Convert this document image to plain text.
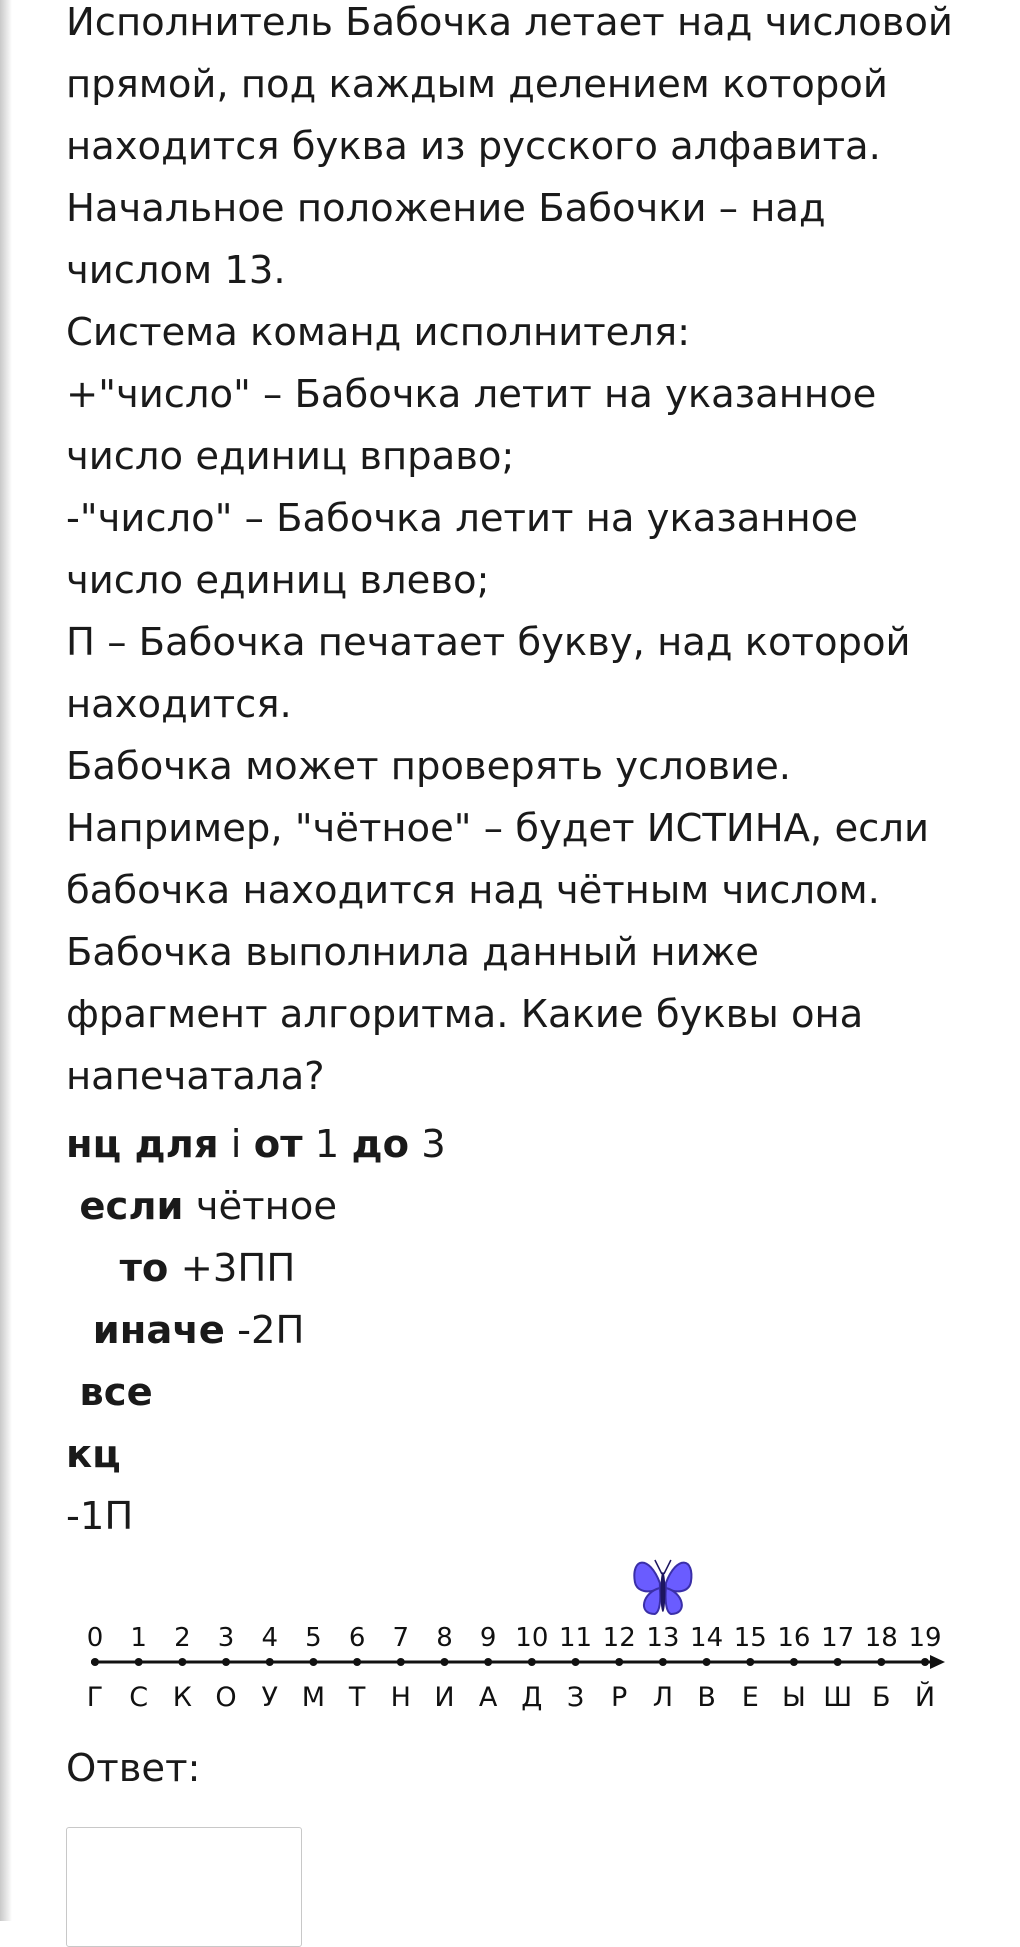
Исполнитель Бабочка летает над числовой
прямой, под каждым делением которой
находится буква из русского алфавита.
Начальное положение Бабочки – над
числом 13.
Система команд исполнителя:
+"число" – Бабочка летит на указанное
число единиц вправо;
-"число" – Бабочка летит на указанное
число единиц влево;
П – Бабочка печатает букву, над которой
находится.
Бабочка может проверять условие.
Например, "чётное" – будет ИСТИНА, если
бабочка находится над чётным числом.
Бабочка выполнила данный ниже
фрагмент алгоритма. Какие буквы она
напечатала?
нц для i от 1 до 3
если чётное
то +3ПП
иначе -2П
все
кц
-1П
0
Г
1
С
2
К
3
О
4
У
5
М
6
Т
7
Н
8
И
9
А
10
Д
11
З
12
Р
13
Л
14
В
15
Е
16
Ы
17
Ш
18
Б
19
Й
Ответ:
